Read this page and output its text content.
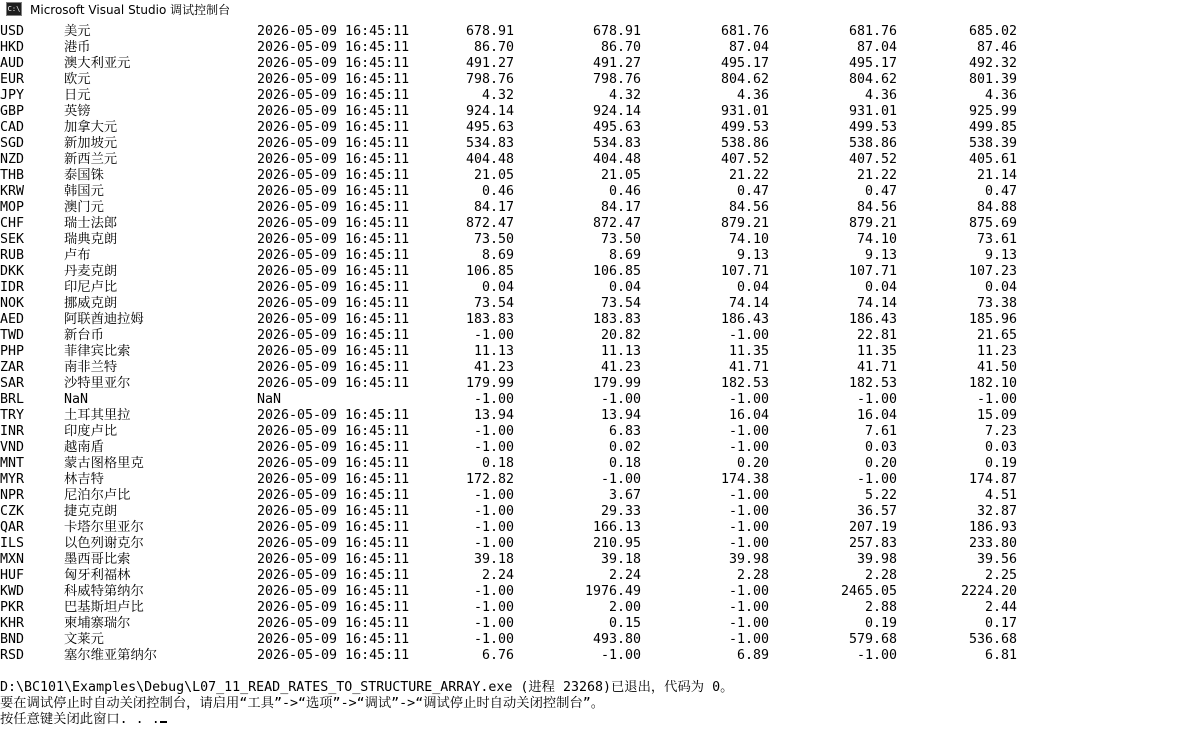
C:\ Microsoft Visual Studio 调试控制台
USD	美元	2026-05-09 16:45:11	678.91	678.91	681.76	681.76	685.02
HKD	港币	2026-05-09 16:45:11	86.70	86.70	87.04	87.04	87.46
AUD	澳大利亚元	2026-05-09 16:45:11	491.27	491.27	495.17	495.17	492.32
EUR	欧元	2026-05-09 16:45:11	798.76	798.76	804.62	804.62	801.39
JPY	日元	2026-05-09 16:45:11	4.32	4.32	4.36	4.36	4.36
GBP	英镑	2026-05-09 16:45:11	924.14	924.14	931.01	931.01	925.99
CAD	加拿大元	2026-05-09 16:45:11	495.63	495.63	499.53	499.53	499.85
SGD	新加坡元	2026-05-09 16:45:11	534.83	534.83	538.86	538.86	538.39
NZD	新西兰元	2026-05-09 16:45:11	404.48	404.48	407.52	407.52	405.61
THB	泰国铢	2026-05-09 16:45:11	21.05	21.05	21.22	21.22	21.14
KRW	韩国元	2026-05-09 16:45:11	0.46	0.46	0.47	0.47	0.47
MOP	澳门元	2026-05-09 16:45:11	84.17	84.17	84.56	84.56	84.88
CHF	瑞士法郎	2026-05-09 16:45:11	872.47	872.47	879.21	879.21	875.69
SEK	瑞典克朗	2026-05-09 16:45:11	73.50	73.50	74.10	74.10	73.61
RUB	卢布	2026-05-09 16:45:11	8.69	8.69	9.13	9.13	9.13
DKK	丹麦克朗	2026-05-09 16:45:11	106.85	106.85	107.71	107.71	107.23
IDR	印尼卢比	2026-05-09 16:45:11	0.04	0.04	0.04	0.04	0.04
NOK	挪威克朗	2026-05-09 16:45:11	73.54	73.54	74.14	74.14	73.38
AED	阿联酋迪拉姆	2026-05-09 16:45:11	183.83	183.83	186.43	186.43	185.96
TWD	新台币	2026-05-09 16:45:11	-1.00	20.82	-1.00	22.81	21.65
PHP	菲律宾比索	2026-05-09 16:45:11	11.13	11.13	11.35	11.35	11.23
ZAR	南非兰特	2026-05-09 16:45:11	41.23	41.23	41.71	41.71	41.50
SAR	沙特里亚尔	2026-05-09 16:45:11	179.99	179.99	182.53	182.53	182.10
BRL	NaN	NaN	-1.00	-1.00	-1.00	-1.00	-1.00
TRY	土耳其里拉	2026-05-09 16:45:11	13.94	13.94	16.04	16.04	15.09
INR	印度卢比	2026-05-09 16:45:11	-1.00	6.83	-1.00	7.61	7.23
VND	越南盾	2026-05-09 16:45:11	-1.00	0.02	-1.00	0.03	0.03
MNT	蒙古图格里克	2026-05-09 16:45:11	0.18	0.18	0.20	0.20	0.19
MYR	林吉特	2026-05-09 16:45:11	172.82	-1.00	174.38	-1.00	174.87
NPR	尼泊尔卢比	2026-05-09 16:45:11	-1.00	3.67	-1.00	5.22	4.51
CZK	捷克克朗	2026-05-09 16:45:11	-1.00	29.33	-1.00	36.57	32.87
QAR	卡塔尔里亚尔	2026-05-09 16:45:11	-1.00	166.13	-1.00	207.19	186.93
ILS	以色列谢克尔	2026-05-09 16:45:11	-1.00	210.95	-1.00	257.83	233.80
MXN	墨西哥比索	2026-05-09 16:45:11	39.18	39.18	39.98	39.98	39.56
HUF	匈牙利福林	2026-05-09 16:45:11	2.24	2.24	2.28	2.28	2.25
KWD	科威特第纳尔	2026-05-09 16:45:11	-1.00	1976.49	-1.00	2465.05	2224.20
PKR	巴基斯坦卢比	2026-05-09 16:45:11	-1.00	2.00	-1.00	2.88	2.44
KHR	柬埔寨瑞尔	2026-05-09 16:45:11	-1.00	0.15	-1.00	0.19	0.17
BND	文莱元	2026-05-09 16:45:11	-1.00	493.80	-1.00	579.68	536.68
RSD	塞尔维亚第纳尔	2026-05-09 16:45:11	6.76	-1.00	6.89	-1.00	6.81
D:\BC101\Examples\Debug\L07_11_READ_RATES_TO_STRUCTURE_ARRAY.exe (进程 23268)已退出，代码为 0。
要在调试停止时自动关闭控制台，请启用“工具”->“选项”->“调试”->“调试停止时自动关闭控制台”。
按任意键关闭此窗口. . .
